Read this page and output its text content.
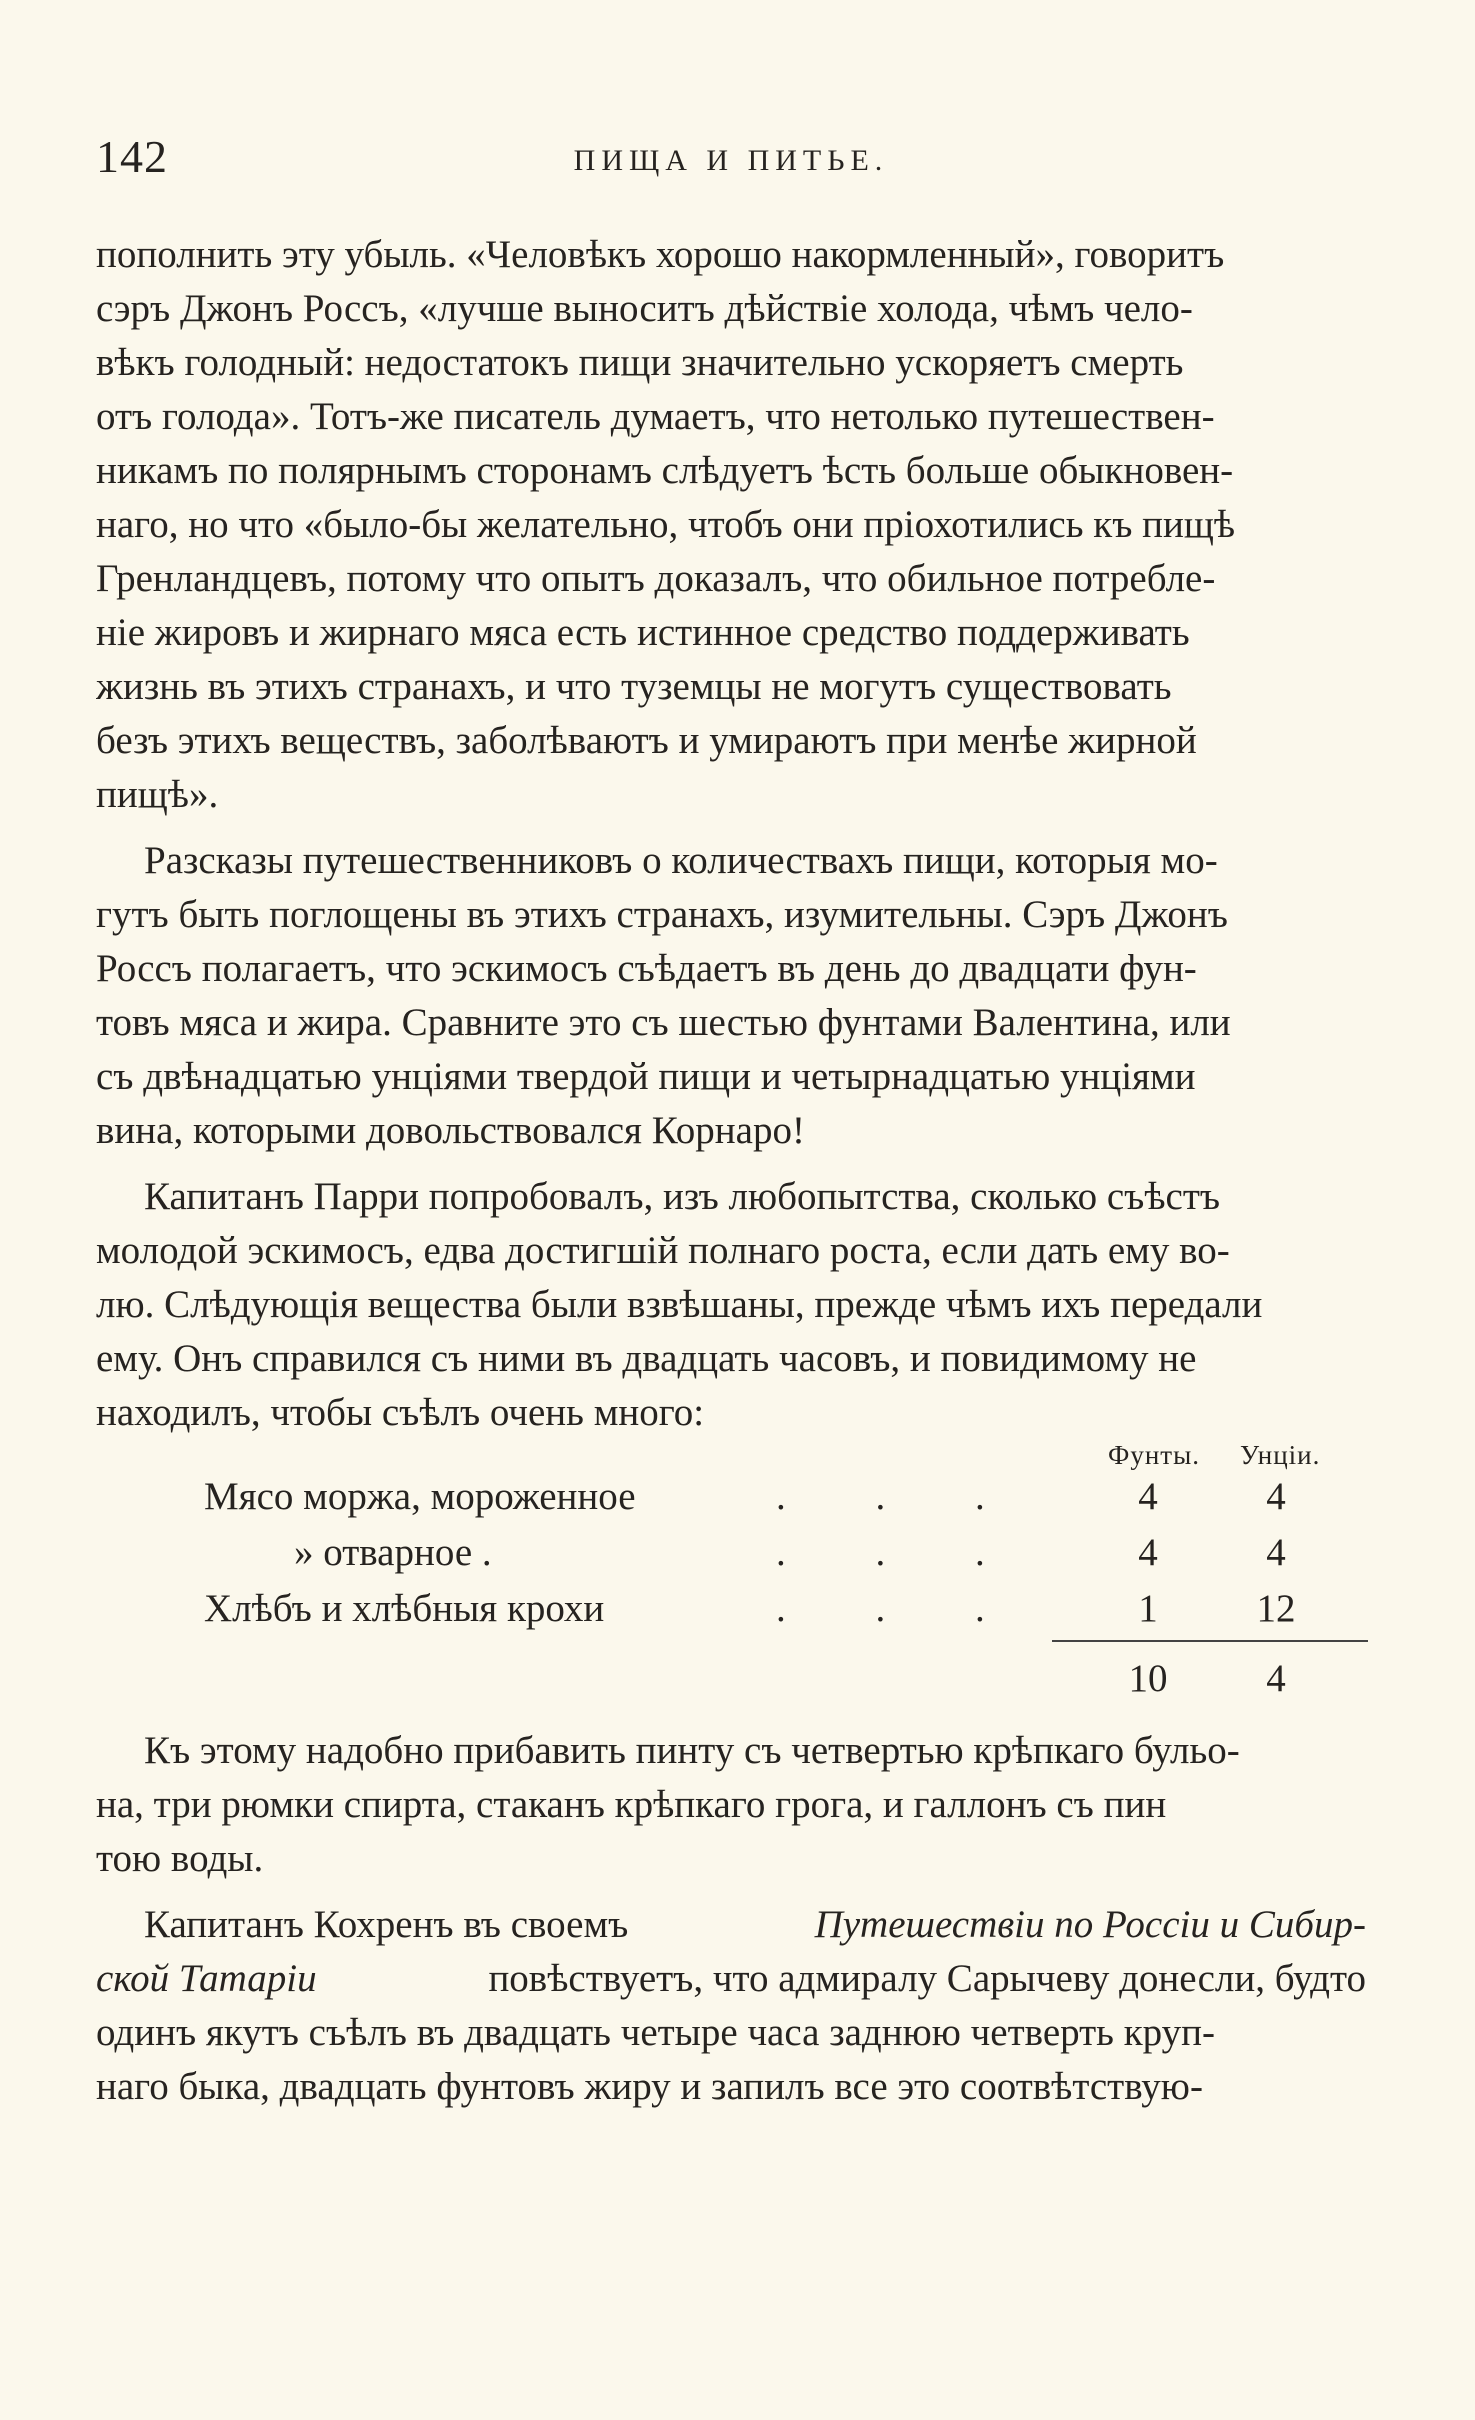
142	ПИЩА И ПИТЬЕ.
пополнить эту убыль. «Человѣкъ хорошо накормленный», говоритъ
сэръ Джонъ Россъ, «лучше выноситъ дѣйствіе холода, чѣмъ чело-
вѣкъ голодный: недостатокъ пищи значительно ускоряетъ смерть
отъ голода». Тотъ-же писатель думаетъ, что нетолько путешествен-
никамъ по полярнымъ сторонамъ слѣдуетъ ѣсть больше обыкновен-
наго, но что «было-бы желательно, чтобъ они пріохотились къ пищѣ
Гренландцевъ, потому что опытъ доказалъ, что обильное потребле-
ніе жировъ и жирнаго мяса есть истинное средство поддерживать
жизнь въ этихъ странахъ, и что туземцы не могутъ существовать
безъ этихъ веществъ, заболѣваютъ и умираютъ при менѣе жирной
пищѣ».
Разсказы путешественниковъ о количествахъ пищи, которыя мо-
гутъ быть поглощены въ этихъ странахъ, изумительны. Сэръ Джонъ
Россъ полагаетъ, что эскимосъ съѣдаетъ въ день до двадцати фун-
товъ мяса и жира. Сравните это съ шестью фунтами Валентина, или
съ двѣнадцатью унціями твердой пищи и четырнадцатью унціями
вина, которыми довольствовался Корнаро!
Капитанъ Парри попробовалъ, изъ любопытства, сколько съѣстъ
молодой эскимосъ, едва достигшій полнаго роста, если дать ему во-
лю. Слѣдующія вещества были взвѣшаны, прежде чѣмъ ихъ передали
ему. Онъ справился съ ними въ двадцать часовъ, и повидимому не
находилъ, чтобы съѣлъ очень много:
Фунты. Унціи.
Мясо моржа, мороженное	. . .	4	4
» отварное .	. . .	4	4
Хлѣбъ и хлѣбныя крохи	. . .	1	12
10	4
Къ этому надобно прибавить пинту съ четвертью крѣпкаго бульо-
на, три рюмки спирта, стаканъ крѣпкаго грога, и галлонъ съ пин
тою воды.
Капитанъ Кохренъ въ своемъ	Путешествіи по Россіи и Сибир-
ской Татаріи	повѣствуетъ, что адмиралу Сарычеву донесли, будто
одинъ якутъ съѣлъ въ двадцать четыре часа заднюю четверть круп-
наго быка, двадцать фунтовъ жиру и запилъ все это соотвѣтствую-
